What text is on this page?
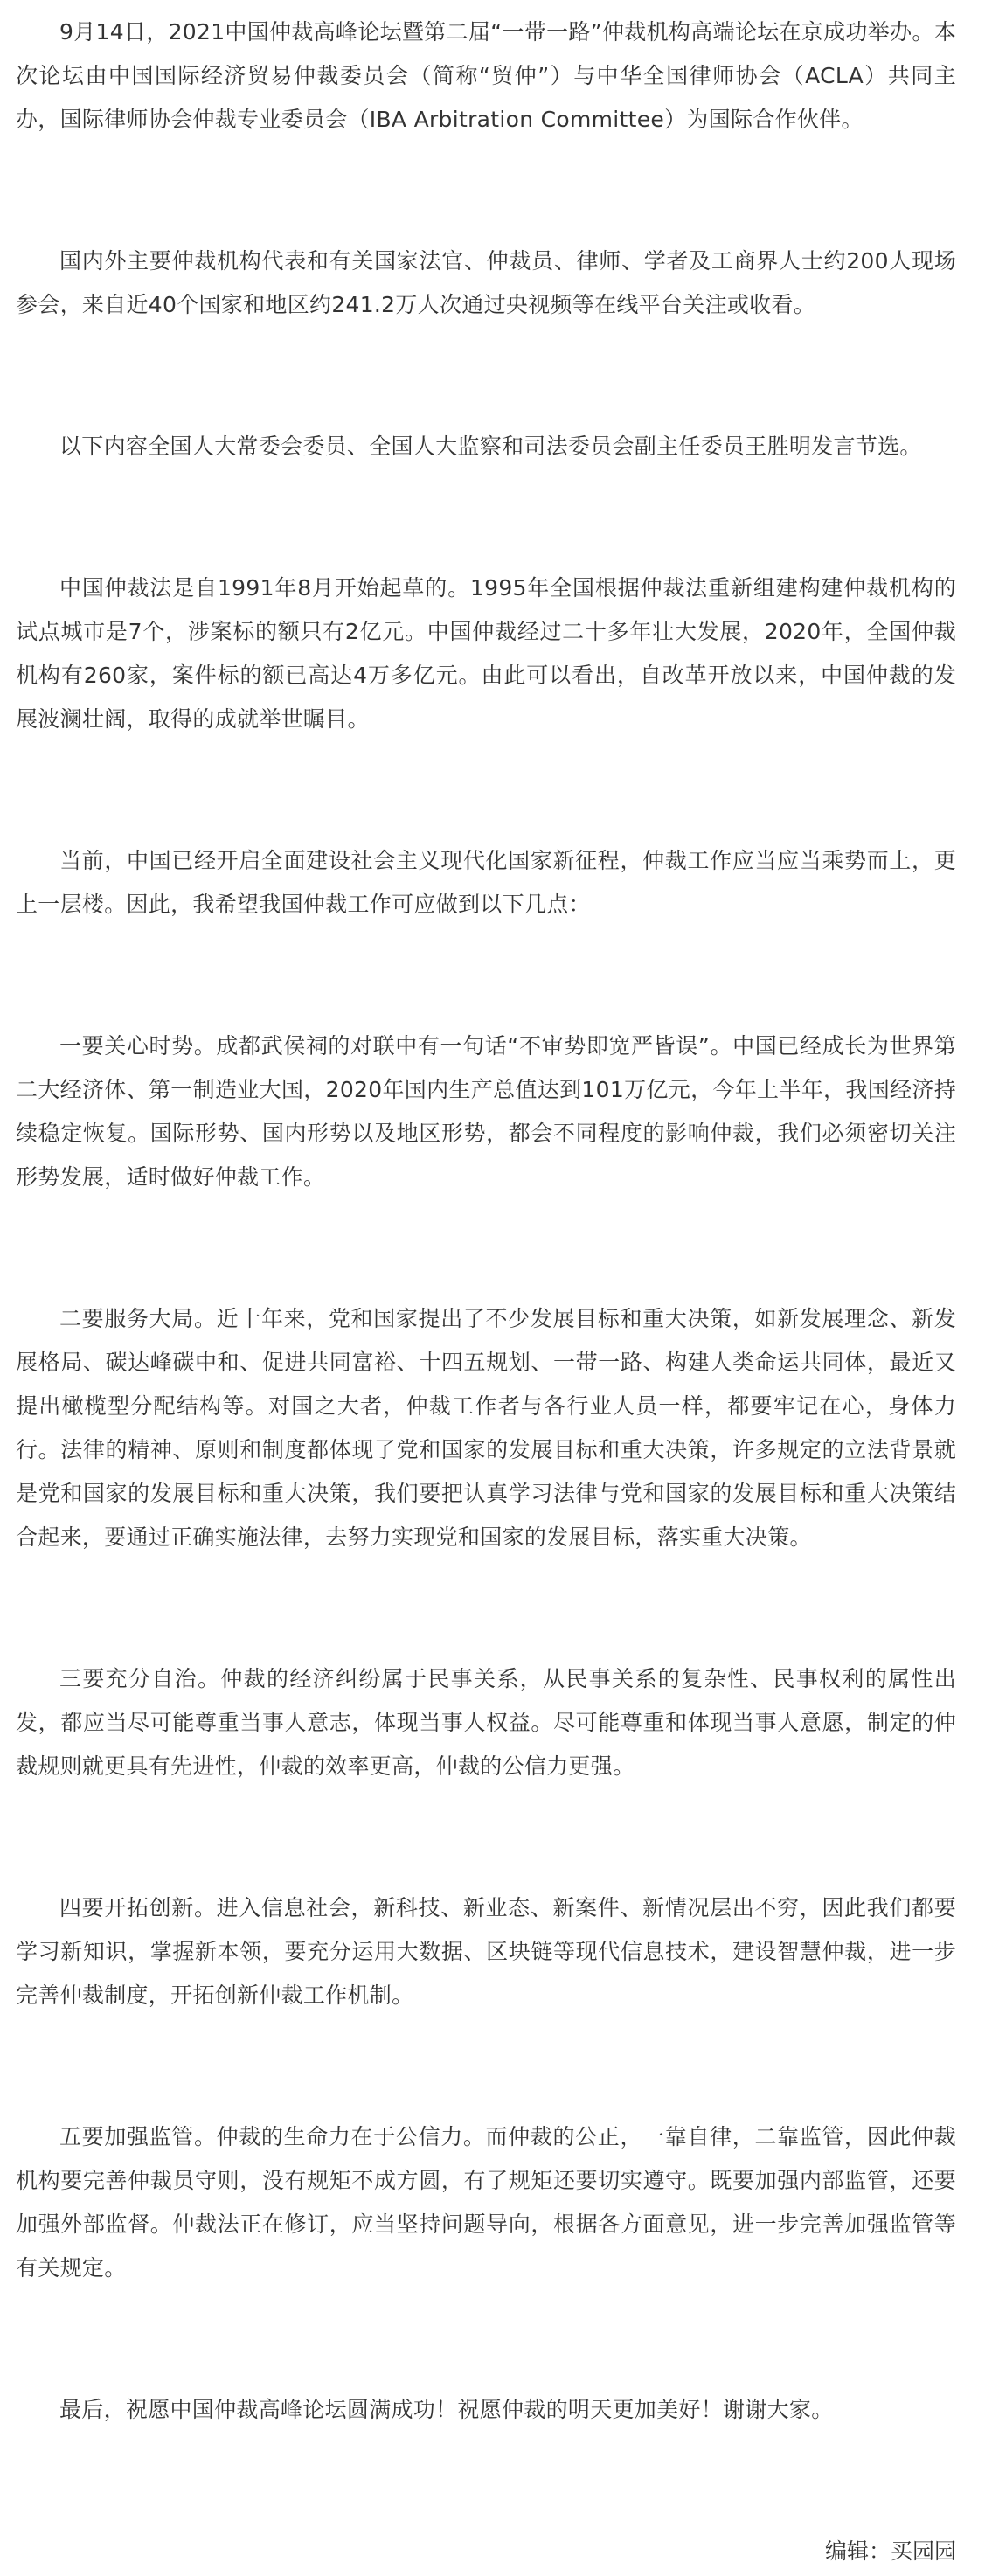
9月14日，2021中国仲裁高峰论坛暨第二届“一带一路”仲裁机构高端论坛在京成功举办。本次论坛由中国国际经济贸易仲裁委员会（简称“贸仲”）与中华全国律师协会（ACLA）共同主办，国际律师协会仲裁专业委员会（IBA Arbitration Committee）为国际合作伙伴。

国内外主要仲裁机构代表和有关国家法官、仲裁员、律师、学者及工商界人士约200人现场参会，来自近40个国家和地区约241.2万人次通过央视频等在线平台关注或收看。

以下内容全国人大常委会委员、全国人大监察和司法委员会副主任委员王胜明发言节选。

中国仲裁法是自1991年8月开始起草的。1995年全国根据仲裁法重新组建构建仲裁机构的试点城市是7个，涉案标的额只有2亿元。中国仲裁经过二十多年壮大发展，2020年，全国仲裁机构有260家，案件标的额已高达4万多亿元。由此可以看出，自改革开放以来，中国仲裁的发展波澜壮阔，取得的成就举世瞩目。

当前，中国已经开启全面建设社会主义现代化国家新征程，仲裁工作应当应当乘势而上，更上一层楼。因此，我希望我国仲裁工作可应做到以下几点：

一要关心时势。成都武侯祠的对联中有一句话“不审势即宽严皆误”。中国已经成长为世界第二大经济体、第一制造业大国，2020年国内生产总值达到101万亿元，今年上半年，我国经济持续稳定恢复。国际形势、国内形势以及地区形势，都会不同程度的影响仲裁，我们必须密切关注形势发展，适时做好仲裁工作。

二要服务大局。近十年来，党和国家提出了不少发展目标和重大决策，如新发展理念、新发展格局、碳达峰碳中和、促进共同富裕、十四五规划、一带一路、构建人类命运共同体，最近又提出橄榄型分配结构等。对国之大者，仲裁工作者与各行业人员一样，都要牢记在心，身体力行。法律的精神、原则和制度都体现了党和国家的发展目标和重大决策，许多规定的立法背景就是党和国家的发展目标和重大决策，我们要把认真学习法律与党和国家的发展目标和重大决策结合起来，要通过正确实施法律，去努力实现党和国家的发展目标，落实重大决策。

三要充分自治。仲裁的经济纠纷属于民事关系，从民事关系的复杂性、民事权利的属性出发，都应当尽可能尊重当事人意志，体现当事人权益。尽可能尊重和体现当事人意愿，制定的仲裁规则就更具有先进性，仲裁的效率更高，仲裁的公信力更强。

四要开拓创新。进入信息社会，新科技、新业态、新案件、新情况层出不穷，因此我们都要学习新知识，掌握新本领，要充分运用大数据、区块链等现代信息技术，建设智慧仲裁，进一步完善仲裁制度，开拓创新仲裁工作机制。

五要加强监管。仲裁的生命力在于公信力。而仲裁的公正，一靠自律，二靠监管，因此仲裁机构要完善仲裁员守则，没有规矩不成方圆，有了规矩还要切实遵守。既要加强内部监管，还要加强外部监督。仲裁法正在修订，应当坚持问题导向，根据各方面意见，进一步完善加强监管等有关规定。

最后，祝愿中国仲裁高峰论坛圆满成功！祝愿仲裁的明天更加美好！谢谢大家。

编辑：买园园
